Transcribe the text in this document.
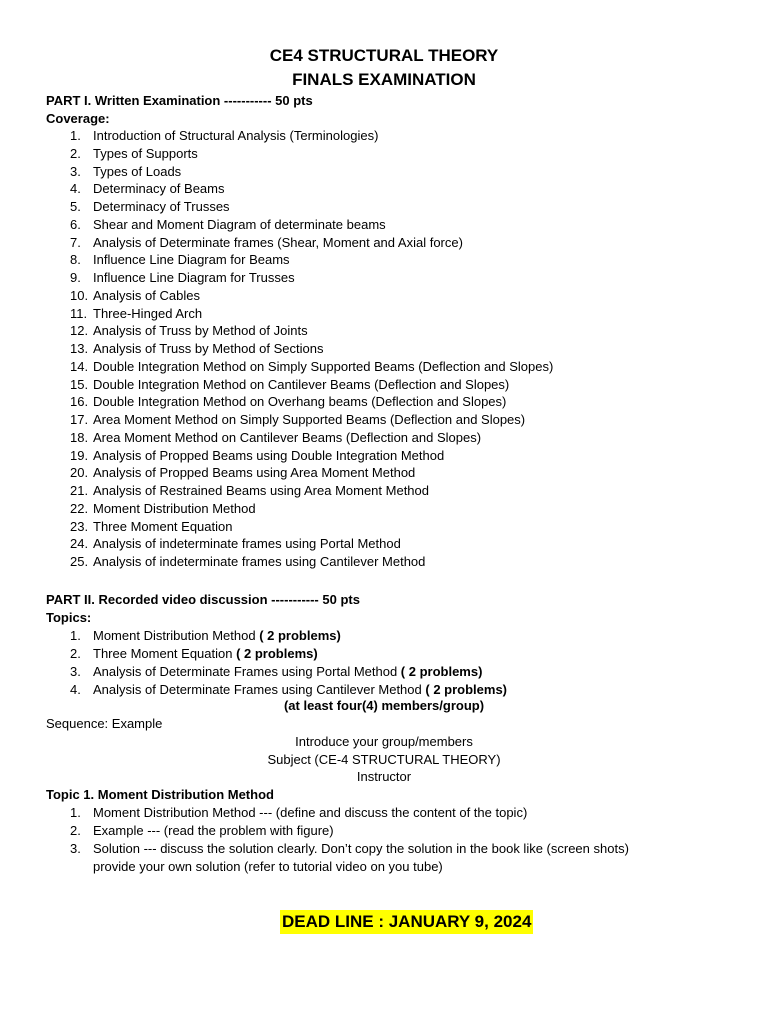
CE4 STRUCTURAL THEORY
FINALS EXAMINATION
PART I. Written Examination ----------- 50 pts
Coverage:
1. Introduction of Structural Analysis (Terminologies)
2. Types of Supports
3. Types of Loads
4. Determinacy of Beams
5. Determinacy of Trusses
6. Shear and Moment Diagram of determinate beams
7. Analysis of Determinate frames (Shear, Moment and Axial force)
8. Influence Line Diagram for Beams
9. Influence Line Diagram for Trusses
10. Analysis of Cables
11. Three-Hinged Arch
12. Analysis of Truss by Method of Joints
13. Analysis of Truss by Method of Sections
14. Double Integration Method on Simply Supported Beams (Deflection and Slopes)
15. Double Integration Method on Cantilever Beams (Deflection and Slopes)
16. Double Integration Method on Overhang beams (Deflection and Slopes)
17. Area Moment Method on Simply Supported Beams (Deflection and Slopes)
18. Area Moment Method on Cantilever Beams (Deflection and Slopes)
19. Analysis of Propped Beams using Double Integration Method
20. Analysis of Propped Beams using Area Moment Method
21. Analysis of Restrained Beams using Area Moment Method
22. Moment Distribution Method
23. Three Moment Equation
24. Analysis of indeterminate frames using Portal Method
25. Analysis of indeterminate frames using Cantilever Method
PART II. Recorded video discussion ----------- 50 pts
Topics:
1. Moment Distribution Method ( 2 problems)
2. Three Moment Equation ( 2 problems)
3. Analysis of Determinate Frames using Portal Method ( 2 problems)
4. Analysis of Determinate Frames using Cantilever Method ( 2 problems)
(at least four(4) members/group)
Sequence: Example
Introduce your group/members
Subject (CE-4 STRUCTURAL THEORY)
Instructor
Topic 1. Moment Distribution Method
1. Moment Distribution Method --- (define and discuss the content of the topic)
2. Example --- (read the problem with figure)
3. Solution --- discuss the solution clearly. Don’t copy the solution in the book like (screen shots)
provide your own solution (refer to tutorial video on you tube)
DEAD LINE : JANUARY 9, 2024
